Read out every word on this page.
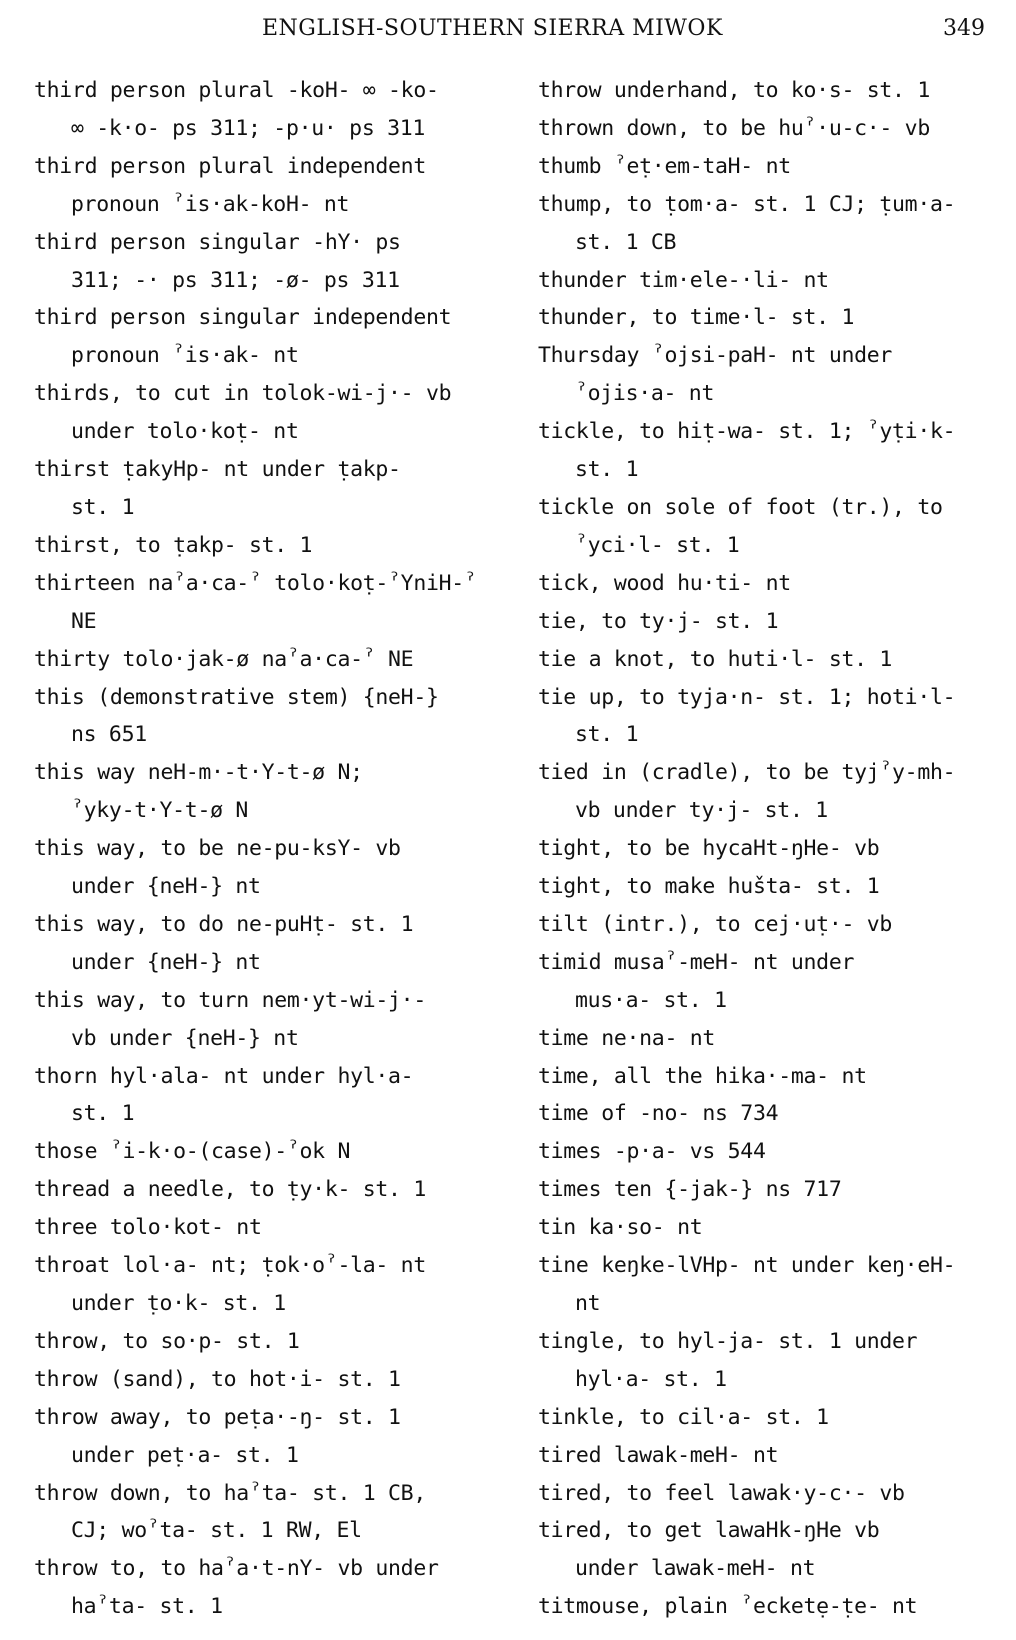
ENGLISH-SOUTHERN SIERRA MIWOK	349
third person plural -koH- ∞ -ko-
∞ -k·o- ps 311; -p·u· ps 311
third person plural independent
pronoun ˀis·ak-koH- nt
third person singular -hY· ps
311; -· ps 311; -ø- ps 311
third person singular independent
pronoun ˀis·ak- nt
thirds, to cut in tolok-wi-j·- vb
under tolo·koṭ- nt
thirst ṭakyHp- nt under ṭakp-
st. 1
thirst, to ṭakp- st. 1
thirteen naˀa·ca-ˀ tolo·koṭ-ˀYniH-ˀ
NE
thirty tolo·jak-ø naˀa·ca-ˀ NE
this (demonstrative stem) {neH-}
ns 651
this way neH-m·-t·Y-t-ø N;
ˀyky-t·Y-t-ø N
this way, to be ne-pu-ksY- vb
under {neH-} nt
this way, to do ne-puHṭ- st. 1
under {neH-} nt
this way, to turn nem·yt-wi-j·-
vb under {neH-} nt
thorn hyl·ala- nt under hyl·a-
st. 1
those ˀi-k·o-(case)-ˀok N
thread a needle, to ṭy·k- st. 1
three tolo·kot- nt
throat lol·a- nt; ṭok·oˀ-la- nt
under ṭo·k- st. 1
throw, to so·p- st. 1
throw (sand), to hot·i- st. 1
throw away, to peṭa·-ŋ- st. 1
under peṭ·a- st. 1
throw down, to haˀta- st. 1 CB,
CJ; woˀta- st. 1 RW, El
throw to, to haˀa·t-nY- vb under
haˀta- st. 1
throw underhand, to ko·s- st. 1
thrown down, to be huˀ·u-c·- vb
thumb ˀeṭ·em-taH- nt
thump, to ṭom·a- st. 1 CJ; ṭum·a-
st. 1 CB
thunder tim·ele-·li- nt
thunder, to time·l- st. 1
Thursday ˀojsi-paH- nt under
ˀojis·a- nt
tickle, to hiṭ-wa- st. 1; ˀyṭi·k-
st. 1
tickle on sole of foot (tr.), to
ˀyci·l- st. 1
tick, wood hu·ti- nt
tie, to ty·j- st. 1
tie a knot, to huti·l- st. 1
tie up, to tyja·n- st. 1; hoti·l-
st. 1
tied in (cradle), to be tyjˀy-mh-
vb under ty·j- st. 1
tight, to be hycaHt-ŋHe- vb
tight, to make hušta- st. 1
tilt (intr.), to cej·uṭ·- vb
timid musaˀ-meH- nt under
mus·a- st. 1
time ne·na- nt
time, all the hika·-ma- nt
time of -no- ns 734
times -p·a- vs 544
times ten {-jak-} ns 717
tin ka·so- nt
tine keŋke-lVHp- nt under keŋ·eH-
nt
tingle, to hyl-ja- st. 1 under
hyl·a- st. 1
tinkle, to cil·a- st. 1
tired lawak-meH- nt
tired, to feel lawak·y-c·- vb
tired, to get lawaHk-ŋHe vb
under lawak-meH- nt
titmouse, plain ˀecketẹ-ṭe- nt
